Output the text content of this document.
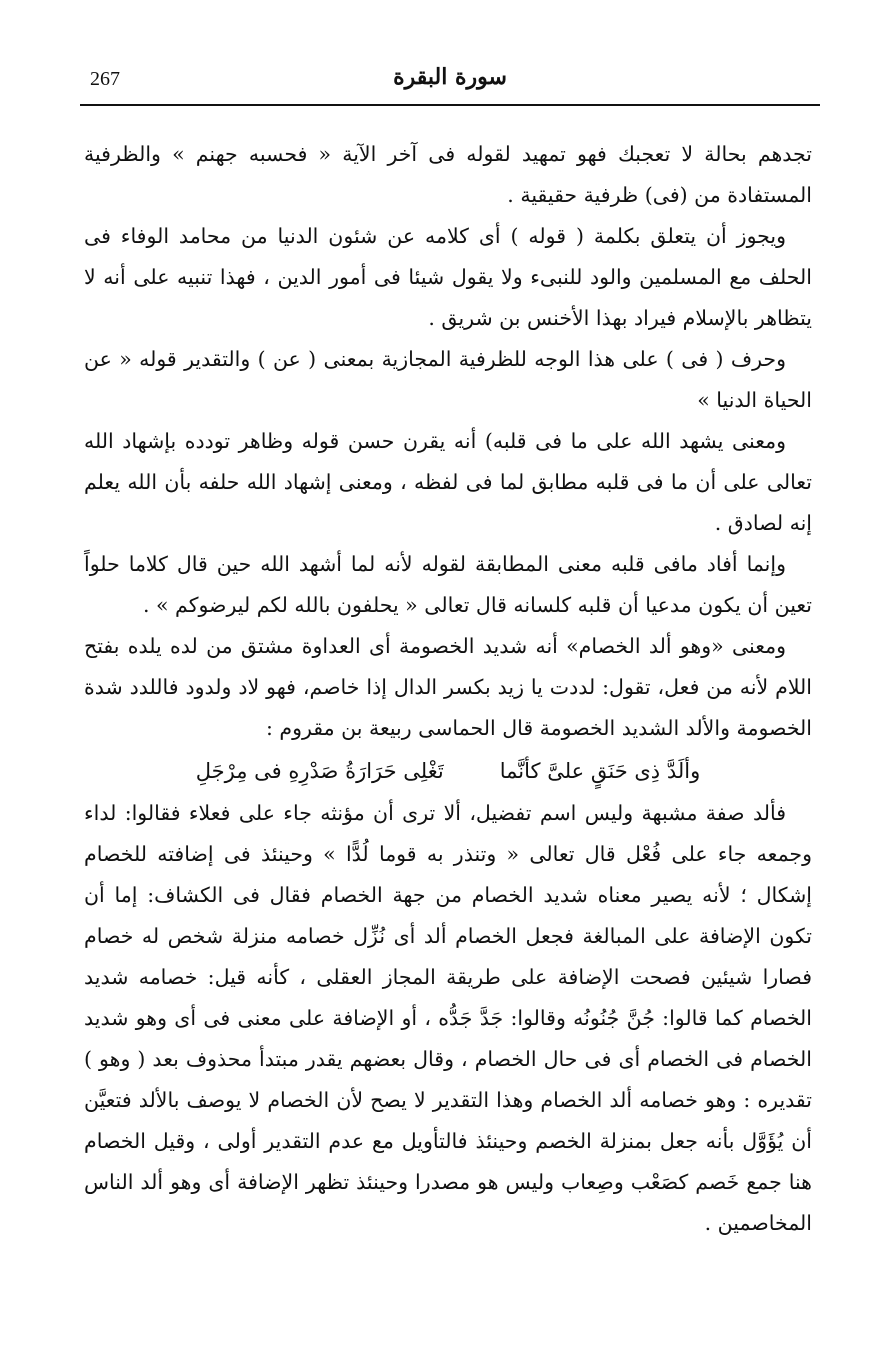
267	سورة البقرة

تجدهم بحالة لا تعجبك فهو تمهيد لقوله فى آخر الآية « فحسبه جهنم » والظرفية المستفادة من (فى) ظرفية حقيقية .

ويجوز أن يتعلق بكلمة ( قوله ) أى كلامه عن شئون الدنيا من محامد الوفاء فى الحلف مع المسلمين والود للنبىء ولا يقول شيئا فى أمور الدين ، فهذا تنبيه على أنه لا يتظاهر بالإسلام فيراد بهذا الأخنس بن شريق .

وحرف ( فى ) على هذا الوجه للظرفية المجازية بمعنى ( عن ) والتقدير قوله « عن الحياة الدنيا »

ومعنى يشهد الله على ما فى قلبه) أنه يقرن حسن قوله وظاهر تودده بإشهاد الله تعالى على أن ما فى قلبه مطابق لما فى لفظه ، ومعنى إشهاد الله حلفه بأن الله يعلم إنه لصادق .

وإنما أفاد مافى قلبه معنى المطابقة لقوله لأنه لما أشهد الله حين قال كلاما حلواً تعين أن يكون مدعيا أن قلبه كلسانه قال تعالى « يحلفون بالله لكم ليرضوكم » .

ومعنى «وهو ألد الخصام» أنه شديد الخصومة أى العداوة مشتق من لده يلده بفتح اللام لأنه من فعل، تقول: لددت يا زيد بكسر الدال إذا خاصم، فهو لاد ولدود فاللدد شدة الخصومة والألد الشديد الخصومة قال الحماسى ربيعة بن مقروم :

وألَدَّ ذِى حَنَقٍ علىَّ كأنَّما
تَغْلِى حَرَارَةُ صَدْرِهِ فى مِرْجَلِ

فألد صفة مشبهة وليس اسم تفضيل، ألا ترى أن مؤنثه جاء على فعلاء فقالوا: لداء وجمعه جاء على فُعْل قال تعالى « وتنذر به قوما لُدًّا » وحينئذ فى إضافته للخصام إشكال ؛ لأنه يصير معناه شديد الخصام من جهة الخصام فقال فى الكشاف: إما أن تكون الإضافة على المبالغة فجعل الخصام ألد أى نُزِّل خصامه منزلة شخص له خصام فصارا شيئين فصحت الإضافة على طريقة المجاز العقلى ، كأنه قيل: خصامه شديد الخصام كما قالوا: جُنَّ جُنُونُه وقالوا: جَدَّ جَدُّه ، أو الإضافة على معنى فى أى وهو شديد الخصام فى الخصام أى فى حال الخصام ، وقال بعضهم يقدر مبتدأ محذوف بعد ( وهو ) تقديره : وهو خصامه ألد الخصام وهذا التقدير لا يصح لأن الخصام لا يوصف بالألد فتعيَّن أن يُؤَوَّل بأنه جعل بمنزلة الخصم وحينئذ فالتأويل مع عدم التقدير أولى ، وقيل الخصام هنا جمع خَصم كصَعْب وصِعاب وليس هو مصدرا وحينئذ تظهر الإضافة أى وهو ألد الناس المخاصمين .
